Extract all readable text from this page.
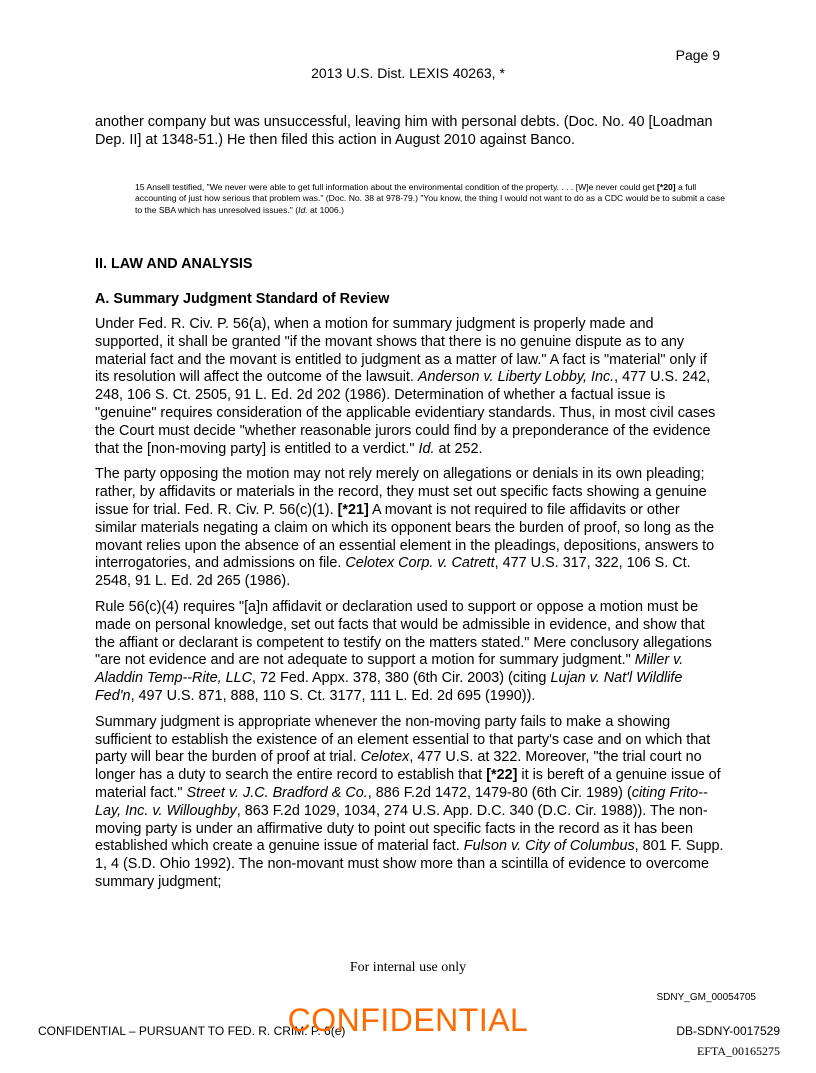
Page 9
2013 U.S. Dist. LEXIS 40263, *

another company but was unsuccessful, leaving him with personal debts. (Doc. No. 40 [Loadman Dep. II] at 1348-51.) He then filed this action in August 2010 against Banco.

15 Ansell testified, "We never were able to get full information about the environmental condition of the property. . . . [W]e never could get [*20] a full accounting of just how serious that problem was." (Doc. No. 38 at 978-79.) "You know, the thing I would not want to do as a CDC would be to submit a case to the SBA which has unresolved issues." (Id. at 1006.)
II. LAW AND ANALYSIS
A. Summary Judgment Standard of Review

Under Fed. R. Civ. P. 56(a), when a motion for summary judgment is properly made and supported, it shall be granted "if the movant shows that there is no genuine dispute as to any material fact and the movant is entitled to judgment as a matter of law." A fact is "material" only if its resolution will affect the outcome of the lawsuit. Anderson v. Liberty Lobby, Inc., 477 U.S. 242, 248, 106 S. Ct. 2505, 91 L. Ed. 2d 202 (1986). Determination of whether a factual issue is "genuine" requires consideration of the applicable evidentiary standards. Thus, in most civil cases the Court must decide "whether reasonable jurors could find by a preponderance of the evidence that the [non-moving party] is entitled to a verdict." Id. at 252.

The party opposing the motion may not rely merely on allegations or denials in its own pleading; rather, by affidavits or materials in the record, they must set out specific facts showing a genuine issue for trial. Fed. R. Civ. P. 56(c)(1). [*21] A movant is not required to file affidavits or other similar materials negating a claim on which its opponent bears the burden of proof, so long as the movant relies upon the absence of an essential element in the pleadings, depositions, answers to interrogatories, and admissions on file. Celotex Corp. v. Catrett, 477 U.S. 317, 322, 106 S. Ct. 2548, 91 L. Ed. 2d 265 (1986).

Rule 56(c)(4) requires "[a]n affidavit or declaration used to support or oppose a motion must be made on personal knowledge, set out facts that would be admissible in evidence, and show that the affiant or declarant is competent to testify on the matters stated." Mere conclusory allegations "are not evidence and are not adequate to support a motion for summary judgment." Miller v. Aladdin Temp--Rite, LLC, 72 Fed. Appx. 378, 380 (6th Cir. 2003) (citing Lujan v. Nat'l Wildlife Fed'n, 497 U.S. 871, 888, 110 S. Ct. 3177, 111 L. Ed. 2d 695 (1990)).

Summary judgment is appropriate whenever the non-moving party fails to make a showing sufficient to establish the existence of an element essential to that party's case and on which that party will bear the burden of proof at trial. Celotex, 477 U.S. at 322. Moreover, "the trial court no longer has a duty to search the entire record to establish that [*22] it is bereft of a genuine issue of material fact." Street v. J.C. Bradford & Co., 886 F.2d 1472, 1479-80 (6th Cir. 1989) (citing Frito--Lay, Inc. v. Willoughby, 863 F.2d 1029, 1034, 274 U.S. App. D.C. 340 (D.C. Cir. 1988)). The non-moving party is under an affirmative duty to point out specific facts in the record as it has been established which create a genuine issue of material fact. Fulson v. City of Columbus, 801 F. Supp. 1, 4 (S.D. Ohio 1992). The non-movant must show more than a scintilla of evidence to overcome summary judgment;

For internal use only
SDNY_GM_00054705
CONFIDENTIAL – PURSUANT TO FED. R. CRIM. P. 6(e)
CONFIDENTIAL	DB-SDNY-0017529
EFTA_00165275
